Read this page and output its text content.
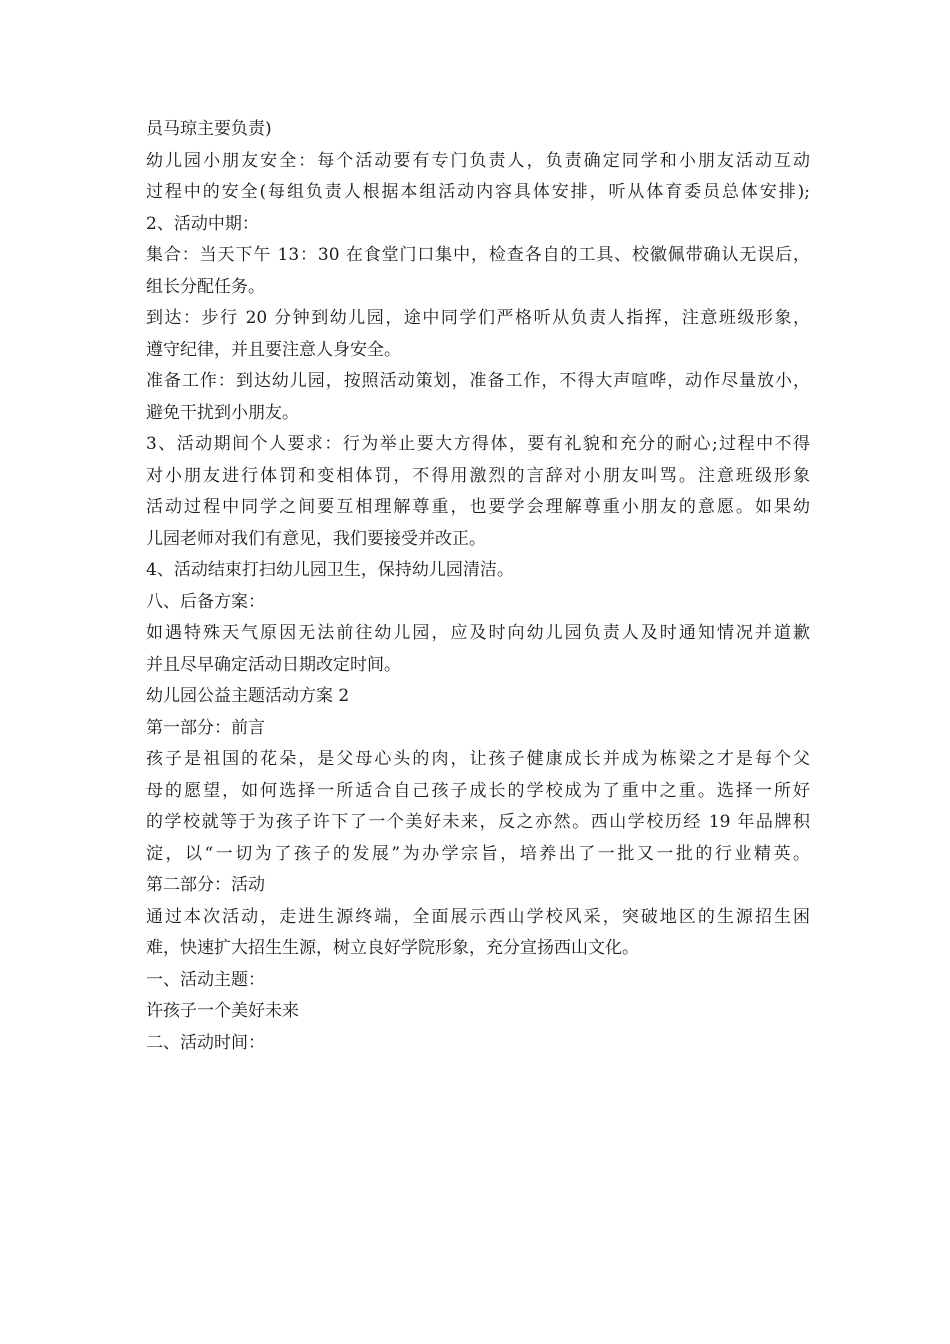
员马琼主要负责)
幼儿园小朋友安全：每个活动要有专门负责人，负责确定同学和小朋友活动互动
过程中的安全(每组负责人根据本组活动内容具体安排，听从体育委员总体安排);
2、活动中期：
集合：当天下午 13：30 在食堂门口集中，检查各自的工具、校徽佩带确认无误后，
组长分配任务。
到达：步行 20 分钟到幼儿园，途中同学们严格听从负责人指挥，注意班级形象，
遵守纪律，并且要注意人身安全。
准备工作：到达幼儿园，按照活动策划，准备工作，不得大声喧哗，动作尽量放小，
避免干扰到小朋友。
3、活动期间个人要求：行为举止要大方得体，要有礼貌和充分的耐心;过程中不得
对小朋友进行体罚和变相体罚，不得用激烈的言辞对小朋友叫骂。注意班级形象
活动过程中同学之间要互相理解尊重，也要学会理解尊重小朋友的意愿。如果幼
儿园老师对我们有意见，我们要接受并改正。
4、活动结束打扫幼儿园卫生，保持幼儿园清洁。
八、后备方案：
如遇特殊天气原因无法前往幼儿园，应及时向幼儿园负责人及时通知情况并道歉
并且尽早确定活动日期改定时间。
幼儿园公益主题活动方案 2
第一部分：前言
孩子是祖国的花朵，是父母心头的肉，让孩子健康成长并成为栋梁之才是每个父
母的愿望，如何选择一所适合自己孩子成长的学校成为了重中之重。选择一所好
的学校就等于为孩子许下了一个美好未来，反之亦然。西山学校历经 19 年品牌积
淀，以“一切为了孩子的发展”为办学宗旨，培养出了一批又一批的行业精英。
第二部分：活动
通过本次活动，走进生源终端，全面展示西山学校风采，突破地区的生源招生困
难，快速扩大招生生源，树立良好学院形象，充分宣扬西山文化。
一、活动主题：
许孩子一个美好未来
二、活动时间：
